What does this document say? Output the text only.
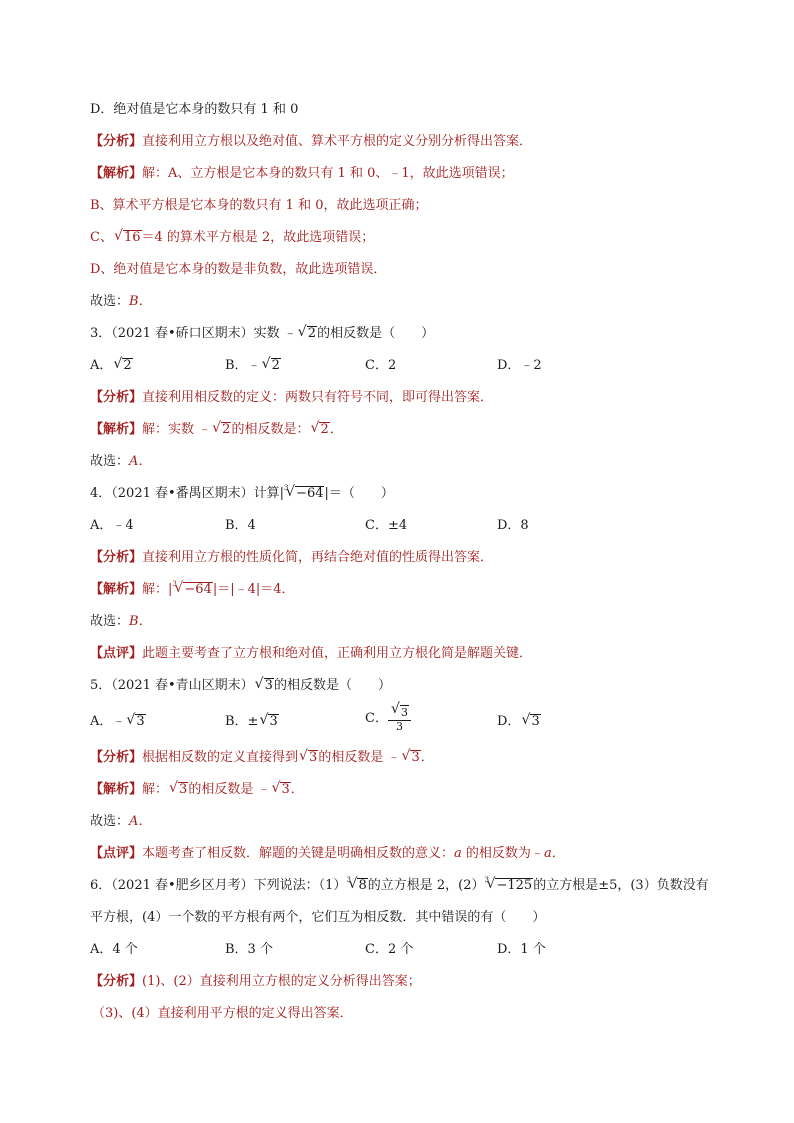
D．绝对值是它本身的数只有 1 和 0
【分析】直接利用立方根以及绝对值、算术平方根的定义分别分析得出答案．
【解析】解：A、立方根是它本身的数只有 1 和 0、﹣1，故此选项错误；
B、算术平方根是它本身的数只有 1 和 0，故此选项正确；
C、 √ 16＝4 的算术平方根是 2，故此选项错误；
D、绝对值是它本身的数是非负数，故此选项错误．
故选：B．
3．（2021 春•硚口区期末）实数 ﹣ √ 2的相反数是（　　）
A． √ 2	B．﹣ √ 2	C．2	D．﹣2
【分析】直接利用相反数的定义：两数只有符号不同，即可得出答案．
【解析】解：实数 ﹣ √ 2的相反数是： √ 2．
故选：A．
4．（2021 春•番禺区期末）计算| √ 3 −64|＝（　　）
A．﹣4	B．4	C．±4	D．8
【分析】直接利用立方根的性质化简，再结合绝对值的性质得出答案．
【解析】解：| √ 3 −64|＝|﹣4|＝4．
故选：B．
【点评】此题主要考查了立方根和绝对值，正确利用立方根化简是解题关键．
5．（2021 春•青山区期末） √ 3的相反数是（　　）
A．﹣ √ 3	B．± √ 3	C． √ $\frac{3}{3}$	D． √ 3
【分析】根据相反数的定义直接得到 √ 3的相反数是 ﹣ √ 3．
【解析】解： √ 3的相反数是 ﹣ √ 3．
故选：A．
【点评】本题考查了相反数．解题的关键是明确相反数的意义：a 的相反数为﹣a．
6．（2021 春•肥乡区月考）下列说法：（1） √ 3 8的立方根是 2，(2） √ 3 −125的立方根是±5，(3）负数没有
平方根，(4）一个数的平方根有两个，它们互为相反数．其中错误的有（　　）
A．4 个	B．3 个	C．2 个	D．1 个
【分析】(1)、(2）直接利用立方根的定义分析得出答案；
（3)、(4）直接利用平方根的定义得出答案．
